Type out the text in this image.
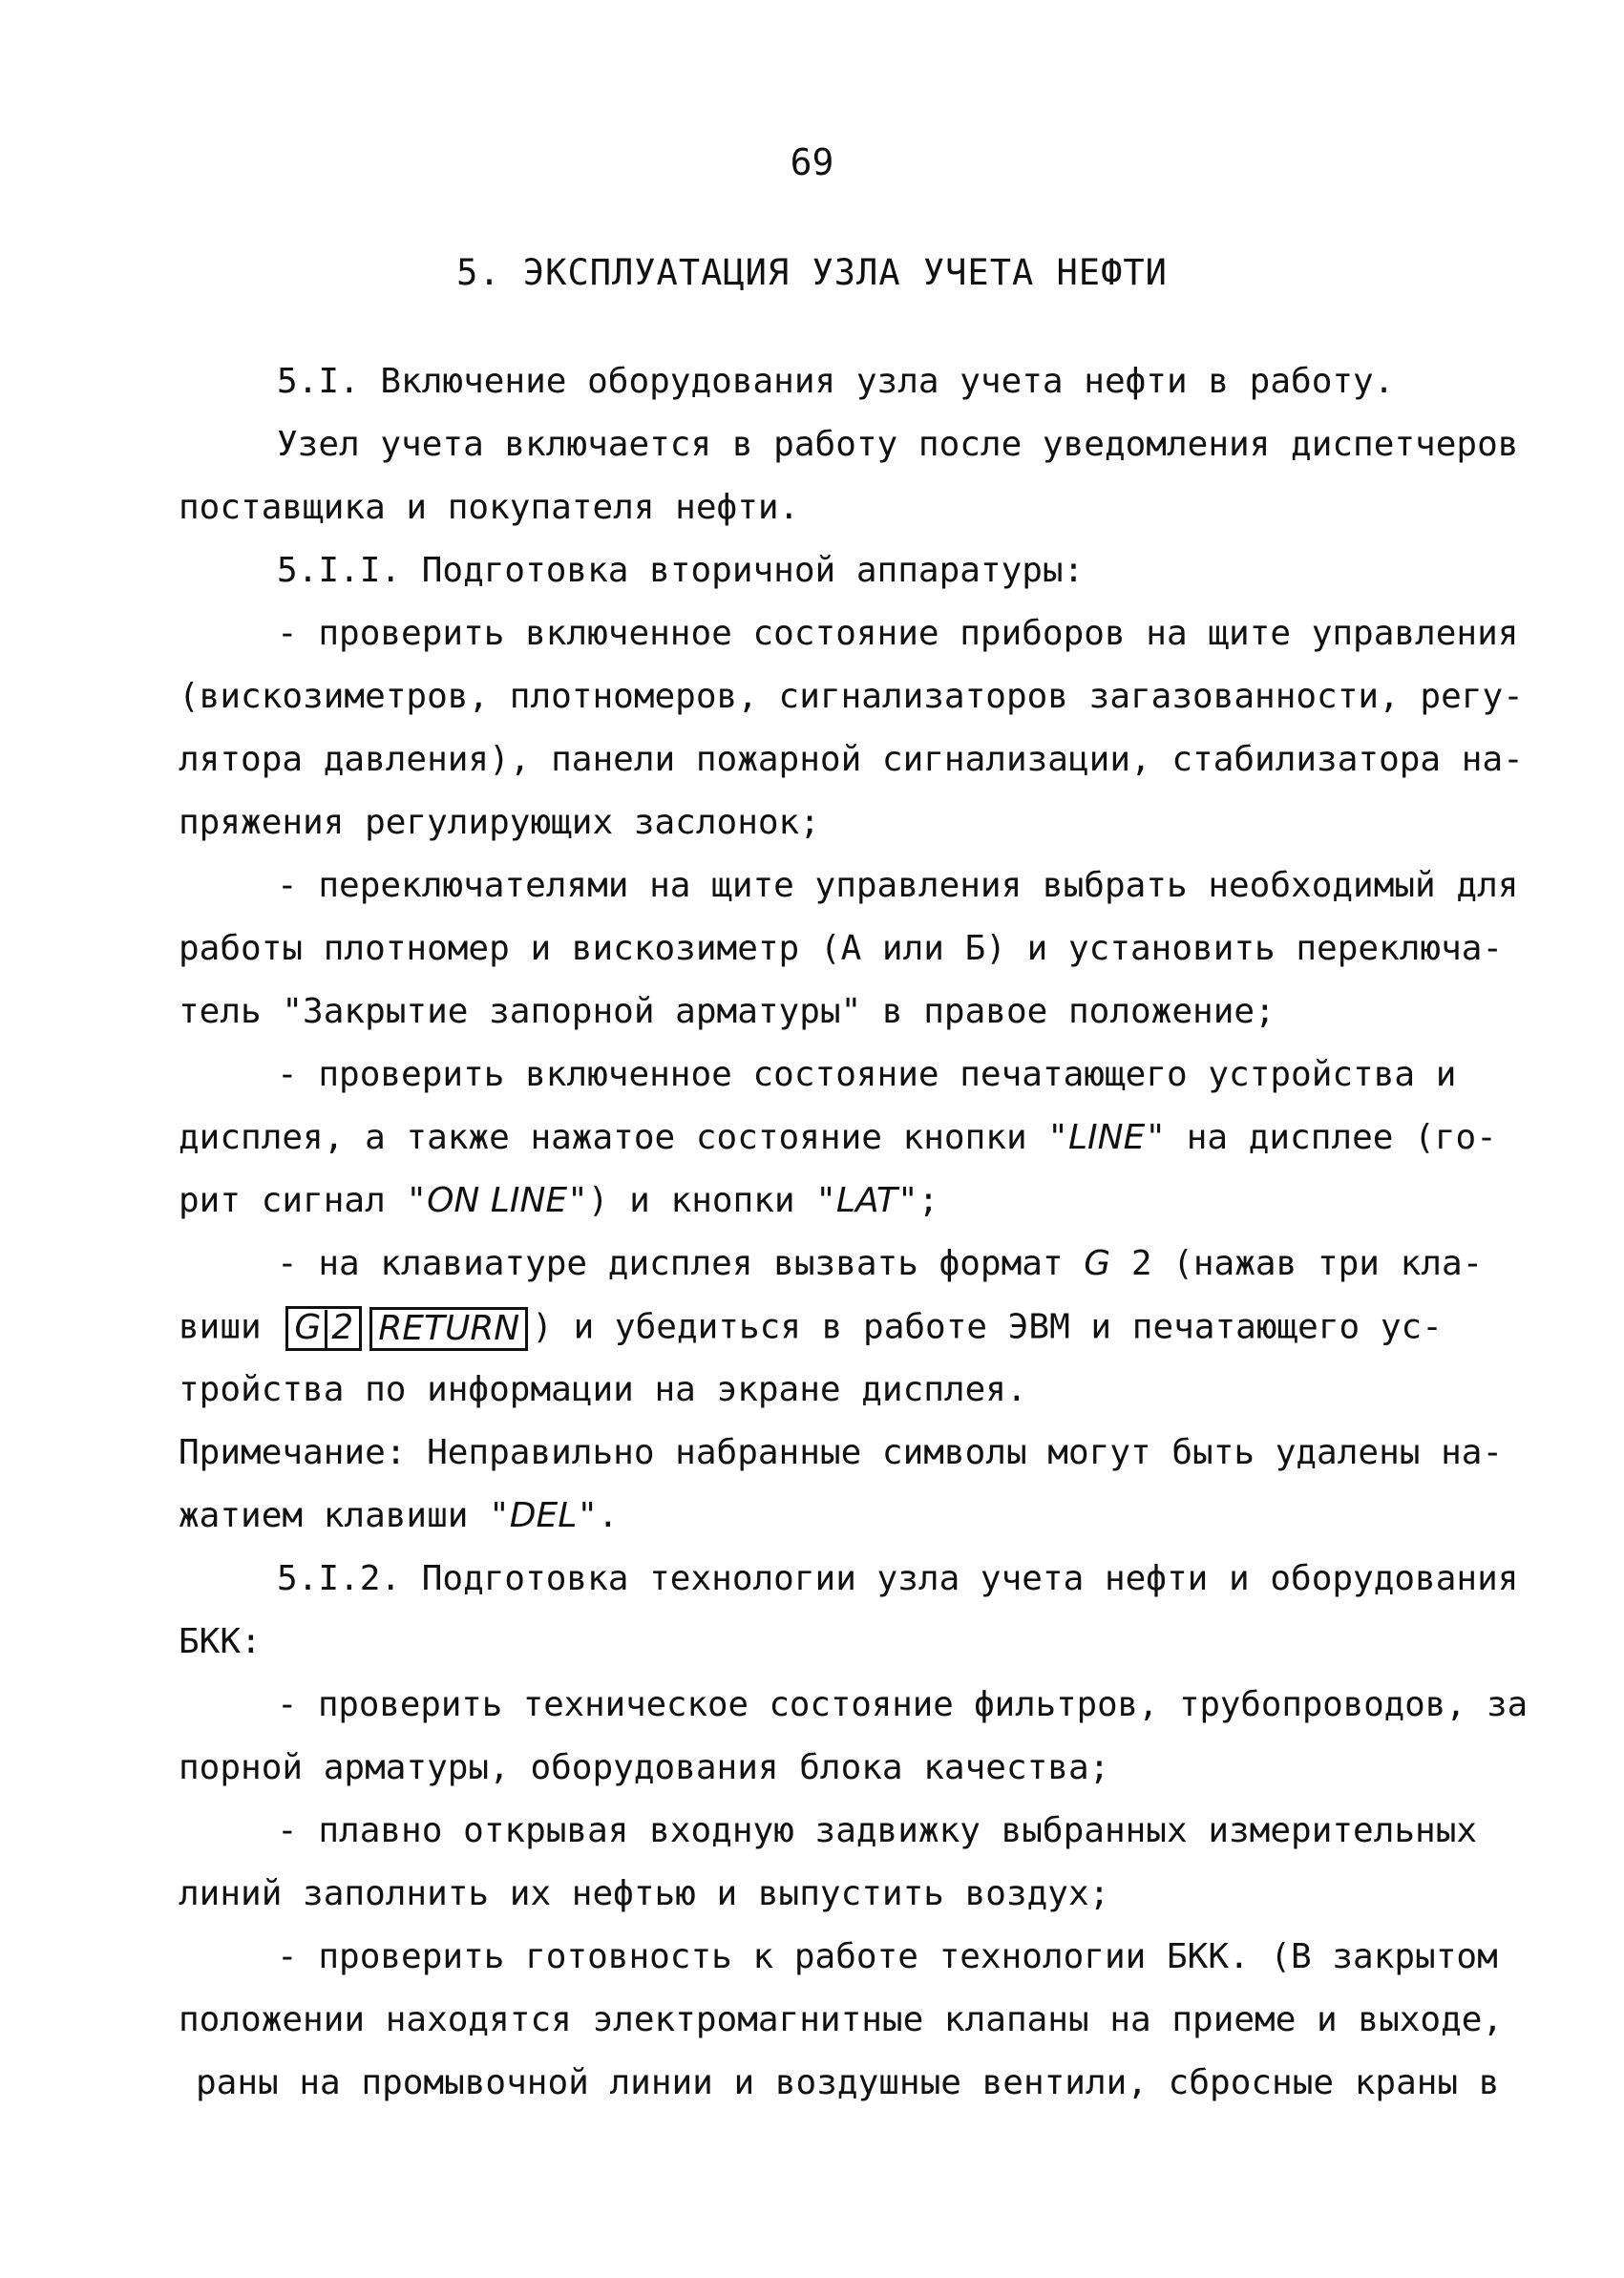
69
5. ЭКСПЛУАТАЦИЯ УЗЛА УЧЕТА НЕФТИ
5.I. Включение оборудования узла учета нефти в работу.
Узел учета включается в работу после уведомления диспетчеров
поставщика и покупателя нефти.
5.I.I. Подготовка вторичной аппаратуры:
- проверить включенное состояние приборов на щите управления
(вискозиметров, плотномеров, сигнализаторов загазованности, регу-
лятора давления), панели пожарной сигнализации, стабилизатора на-
пряжения регулирующих заслонок;
- переключателями на щите управления выбрать необходимый для
работы плотномер и вискозиметр (А или Б) и установить переключа-
тель "Закрытие запорной арматуры" в правое положение;
- проверить включенное состояние печатающего устройства и
дисплея, а также нажатое состояние кнопки "LINE" на дисплее (го-
рит сигнал "ON LINE") и кнопки "LAT";
- на клавиатуре дисплея вызвать формат G 2 (нажав три кла-
виши G 2 RETURN ) и убедиться в работе ЭВМ и печатающего ус-
тройства по информации на экране дисплея.
Примечание: Неправильно набранные символы могут быть удалены на-
жатием клавиши "DEL".
5.I.2. Подготовка технологии узла учета нефти и оборудования
БКК:
- проверить техническое состояние фильтров, трубопроводов, за
порной арматуры, оборудования блока качества;
- плавно открывая входную задвижку выбранных измерительных
линий заполнить их нефтью и выпустить воздух;
- проверить готовность к работе технологии БКК. (В закрытом
положении находятся электромагнитные клапаны на приеме и выходе,
раны на промывочной линии и воздушные вентили, сбросные краны в
